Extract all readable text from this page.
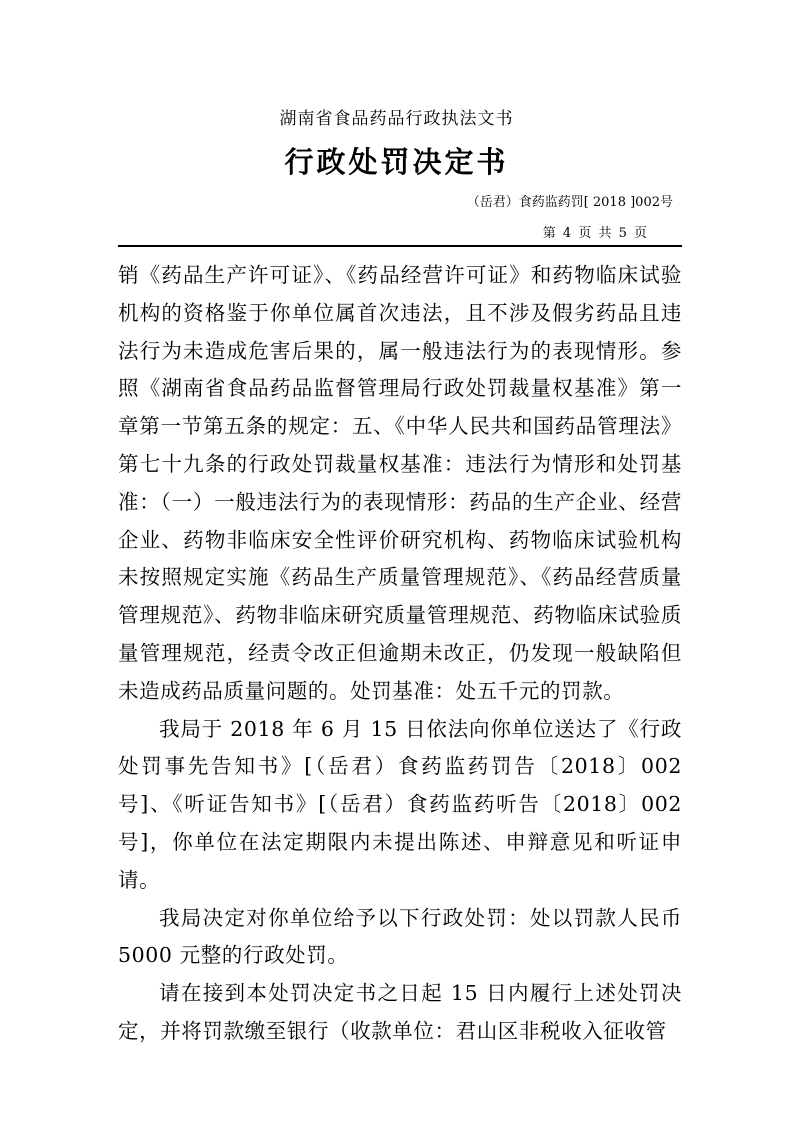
湖南省食品药品行政执法文书
行政处罚决定书
（岳君）食药监药罚[ 2018 ]002号
第 4 页 共 5 页

销《药品生产许可证》、《药品经营许可证》和药物临床试验机构的资格鉴于你单位属首次违法，且不涉及假劣药品且违法行为未造成危害后果的，属一般违法行为的表现情形。参照《湖南省食品药品监督管理局行政处罚裁量权基准》第一章第一节第五条的规定：五、《中华人民共和国药品管理法》第七十九条的行政处罚裁量权基准：违法行为情形和处罚基准：（一）一般违法行为的表现情形：药品的生产企业、经营企业、药物非临床安全性评价研究机构、药物临床试验机构未按照规定实施《药品生产质量管理规范》、《药品经营质量管理规范》、药物非临床研究质量管理规范、药物临床试验质量管理规范，经责令改正但逾期未改正，仍发现一般缺陷但未造成药品质量问题的。处罚基准：处五千元的罚款。

我局于 2018 年 6 月 15 日依法向你单位送达了《行政处罚事先告知书》[（岳君）食药监药罚告〔2018〕002 号]、《听证告知书》[（岳君）食药监药听告〔2018〕002 号]，你单位在法定期限内未提出陈述、申辩意见和听证申请。

我局决定对你单位给予以下行政处罚：处以罚款人民币 5000 元整的行政处罚。

请在接到本处罚决定书之日起 15 日内履行上述处罚决定，并将罚款缴至银行（收款单位：君山区非税收入征收管
